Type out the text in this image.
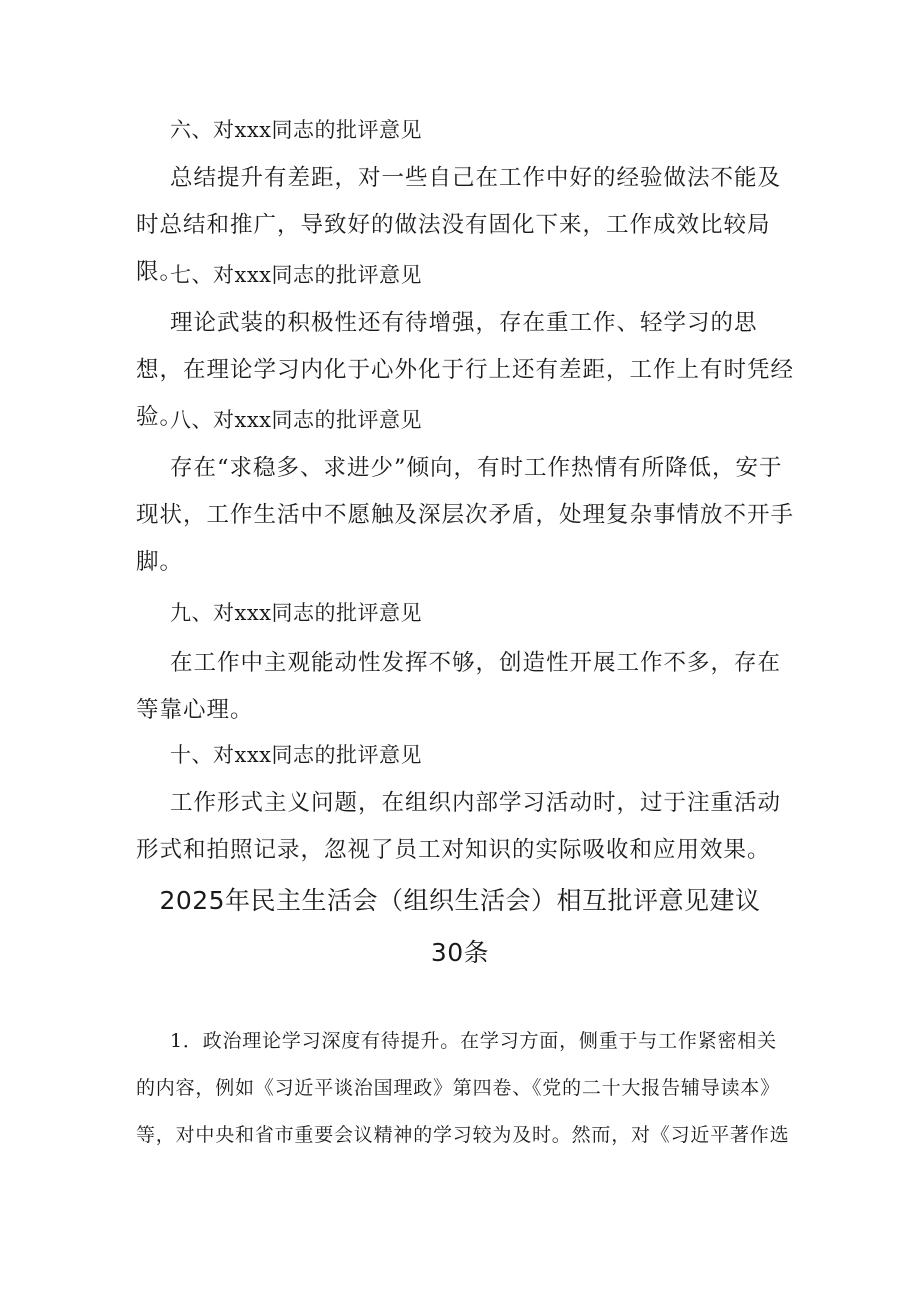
六、对xxx同志的批评意见
总结提升有差距，对一些自己在工作中好的经验做法不能及时总结和推广，导致好的做法没有固化下来，工作成效比较局限。
七、对xxx同志的批评意见
理论武装的积极性还有待增强，存在重工作、轻学习的思想，在理论学习内化于心外化于行上还有差距，工作上有时凭经验。
八、对xxx同志的批评意见
存在“求稳多、求进少”倾向，有时工作热情有所降低，安于现状，工作生活中不愿触及深层次矛盾，处理复杂事情放不开手脚。
九、对xxx同志的批评意见
在工作中主观能动性发挥不够，创造性开展工作不多，存在等靠心理。
十、对xxx同志的批评意见
工作形式主义问题，在组织内部学习活动时，过于注重活动形式和拍照记录，忽视了员工对知识的实际吸收和应用效果。
2025年民主生活会（组织生活会）相互批评意见建议
30条
1．政治理论学习深度有待提升。在学习方面，侧重于与工作紧密相关的内容，例如《习近平谈治国理政》第四卷、《党的二十大报告辅导读本》等，对中央和省市重要会议精神的学习较为及时。然而，对《习近平著作选
